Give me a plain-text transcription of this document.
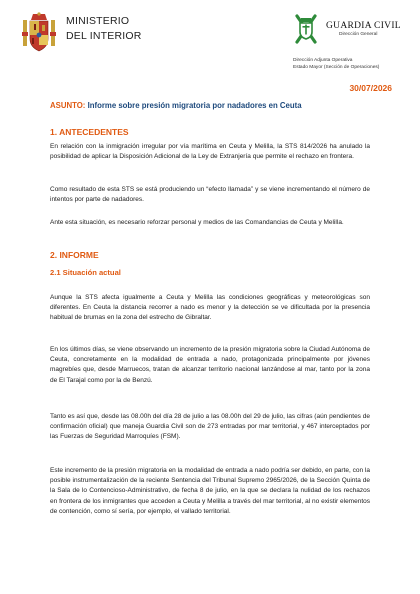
MINISTERIO
DEL INTERIOR
GUARDIA CIVIL
Dirección General
Dirección Adjunta Operativa
Estado Mayor (Sección de Operaciones)
30/07/2026
ASUNTO: Informe sobre presión migratoria por nadadores en Ceuta
1. ANTECEDENTES

En relación con la inmigración irregular por vía marítima en Ceuta y Melilla, la STS 814/2026 ha anulado la posibilidad de aplicar la Disposición Adicional de la Ley de Extranjería que permite el rechazo en frontera.

Como resultado de esta STS se está produciendo un “efecto llamada” y se viene incrementando el número de intentos por parte de nadadores.

Ante esta situación, es necesario reforzar personal y medios de las Comandancias de Ceuta y Melilla.

2. INFORME
2.1 Situación actual

Aunque la STS afecta igualmente a Ceuta y Melilla las condiciones geográficas y meteorológicas son diferentes. En Ceuta la distancia recorrer a nado es menor y la detección se ve dificultada por la presencia habitual de brumas en la zona del estrecho de Gibraltar.

En los últimos días, se viene observando un incremento de la presión migratoria sobre la Ciudad Autónoma de Ceuta, concretamente en la modalidad de entrada a nado, protagonizada principalmente por jóvenes magrebíes que, desde Marruecos, tratan de alcanzar territorio nacional lanzándose al mar, tanto por la zona de El Tarajal como por la de Benzú.

Tanto es así que, desde las 08.00h del día 28 de julio a las 08.00h del 29 de julio, las cifras (aún pendientes de confirmación oficial) que maneja Guardia Civil son de 273 entradas por mar territorial, y 467 interceptados por las Fuerzas de Seguridad Marroquíes (FSM).

Este incremento de la presión migratoria en la modalidad de entrada a nado podría ser debido, en parte, con la posible instrumentalización de la reciente Sentencia del Tribunal Supremo 2965/2026, de la Sección Quinta de la Sala de lo Contencioso-Administrativo, de fecha 8 de julio, en la que se declara la nulidad de los rechazos en frontera de los inmigrantes que acceden a Ceuta y Melilla a través del mar territorial, al no existir elementos de contención, como sí sería, por ejemplo, el vallado territorial.
